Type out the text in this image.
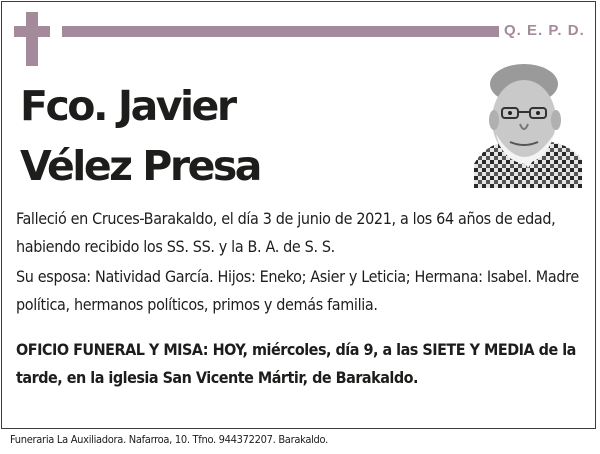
Q. E. P. D.
Fco. Javier
Vélez Presa

Falleció en Cruces-Barakaldo, el día 3 de junio de 2021, a los 64 años de edad, habiendo recibido los SS. SS. y la B. A. de S. S.

Su esposa: Natividad García. Hijos: Eneko; Asier y Leticia; Hermana: Isabel. Madre política, hermanos políticos, primos y demás familia.

OFICIO FUNERAL Y MISA: HOY, miércoles, día 9, a las SIETE Y MEDIA de la tarde, en la iglesia San Vicente Mártir, de Barakaldo.

Funeraria La Auxiliadora. Nafarroa, 10. Tfno. 944372207. Barakaldo.
